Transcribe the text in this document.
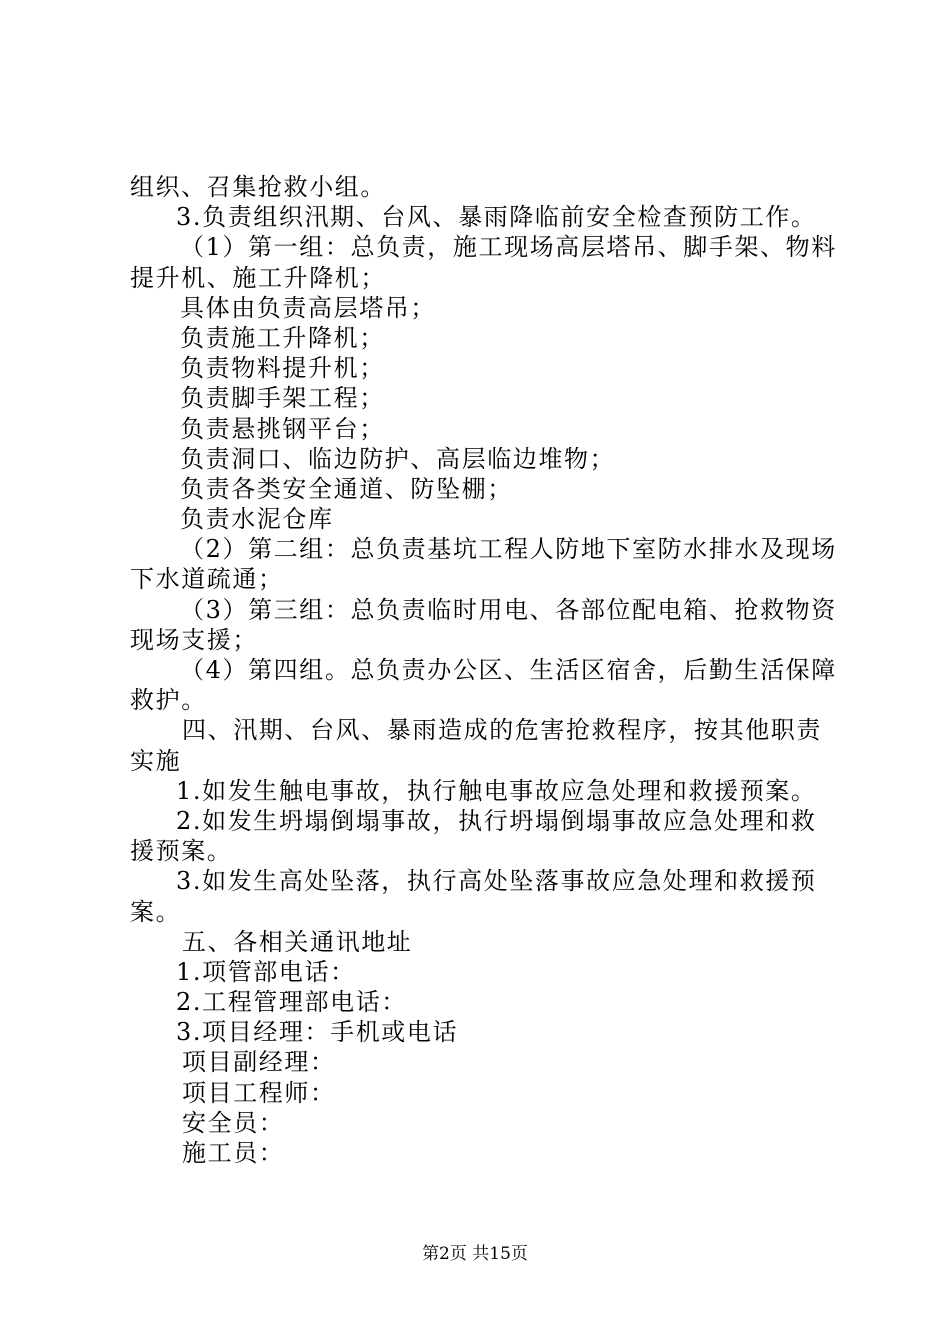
组织、召集抢救小组。
3.负责组织汛期、台风、暴雨降临前安全检查预防工作。
（1）第一组：总负责，施工现场高层塔吊、脚手架、物料
提升机、施工升降机；
具体由负责高层塔吊；
负责施工升降机；
负责物料提升机；
负责脚手架工程；
负责悬挑钢平台；
负责洞口、临边防护、高层临边堆物；
负责各类安全通道、防坠棚；
负责水泥仓库
（2）第二组：总负责基坑工程人防地下室防水排水及现场
下水道疏通；
（3）第三组：总负责临时用电、各部位配电箱、抢救物资
现场支援；
（4）第四组。总负责办公区、生活区宿舍，后勤生活保障
救护。
四、汛期、台风、暴雨造成的危害抢救程序，按其他职责
实施
1.如发生触电事故，执行触电事故应急处理和救援预案。
2.如发生坍塌倒塌事故，执行坍塌倒塌事故应急处理和救
援预案。
3.如发生高处坠落，执行高处坠落事故应急处理和救援预
案。
五、各相关通讯地址
1.项管部电话：
2.工程管理部电话：
3.项目经理：手机或电话
项目副经理：
项目工程师：
安全员：
施工员：
第2页 共15页
